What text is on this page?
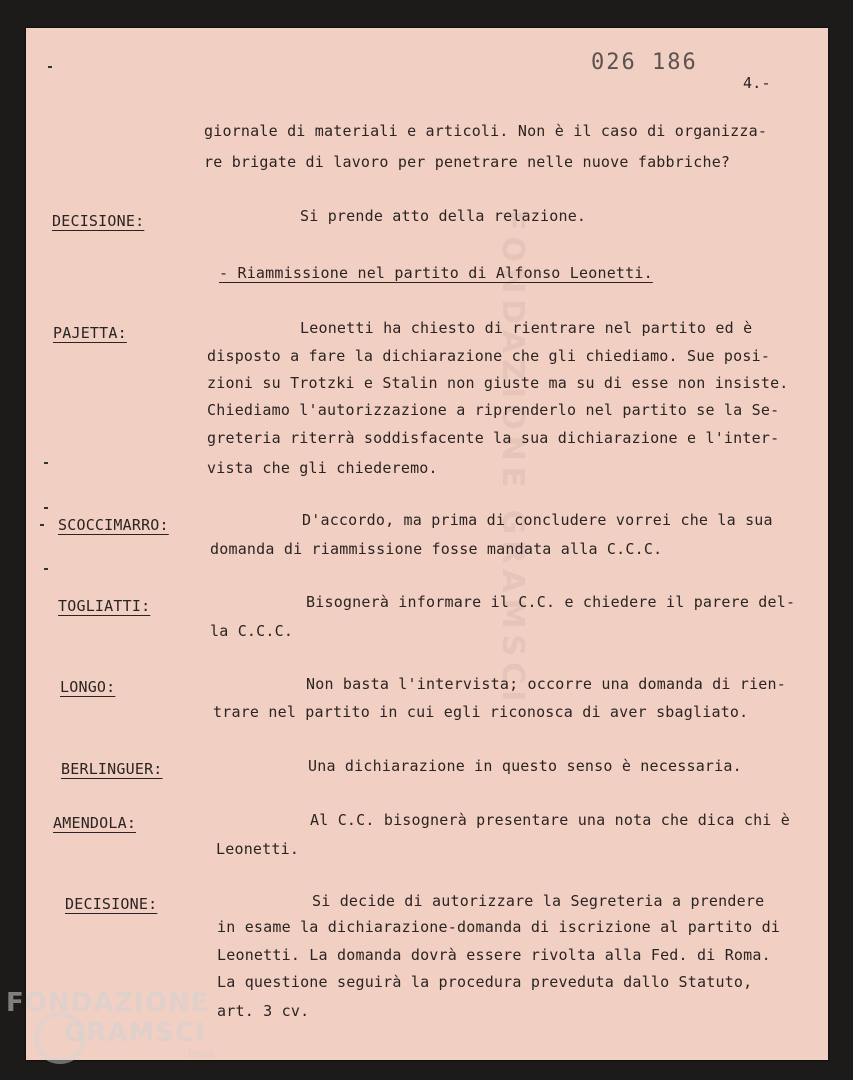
FONDAZIONE GRAMSCI
026 186
4.-
giornale di materiali e articoli. Non è il caso di organizza-
re brigate di lavoro per penetrare nelle nuove fabbriche?
DECISIONE:	Si prende atto della relazione.
- Riammissione nel partito di Alfonso Leonetti.
PAJETTA:	Leonetti ha chiesto di rientrare nel partito ed è
disposto a fare la dichiarazione che gli chiediamo. Sue posi-
zioni su Trotzki e Stalin non giuste ma su di esse non insiste.
Chiediamo l'autorizzazione a riprenderlo nel partito se la Se-
greteria riterrà soddisfacente la sua dichiarazione e l'inter-
vista che gli chiederemo.
SCOCCIMARRO:	D'accordo, ma prima di concludere vorrei che la sua
domanda di riammissione fosse mandata alla C.C.C.
TOGLIATTI:	Bisognerà informare il C.C. e chiedere il parere del-
la C.C.C.
LONGO:	Non basta l'intervista; occorre una domanda di rien-
trare nel partito in cui egli riconosca di aver sbagliato.
BERLINGUER:	Una dichiarazione in questo senso è necessaria.
AMENDOLA:	Al C.C. bisognerà presentare una nota che dica chi è
Leonetti.
DECISIONE:	Si decide di autorizzare la Segreteria a prendere
in esame la dichiarazione-domanda di iscrizione al partito di
Leonetti. La domanda dovrà essere rivolta alla Fed. di Roma.
La questione seguirà la procedura preveduta dallo Statuto,
art. 3 cv.
FONDAZIONE
GRAMSCI
Onlus
